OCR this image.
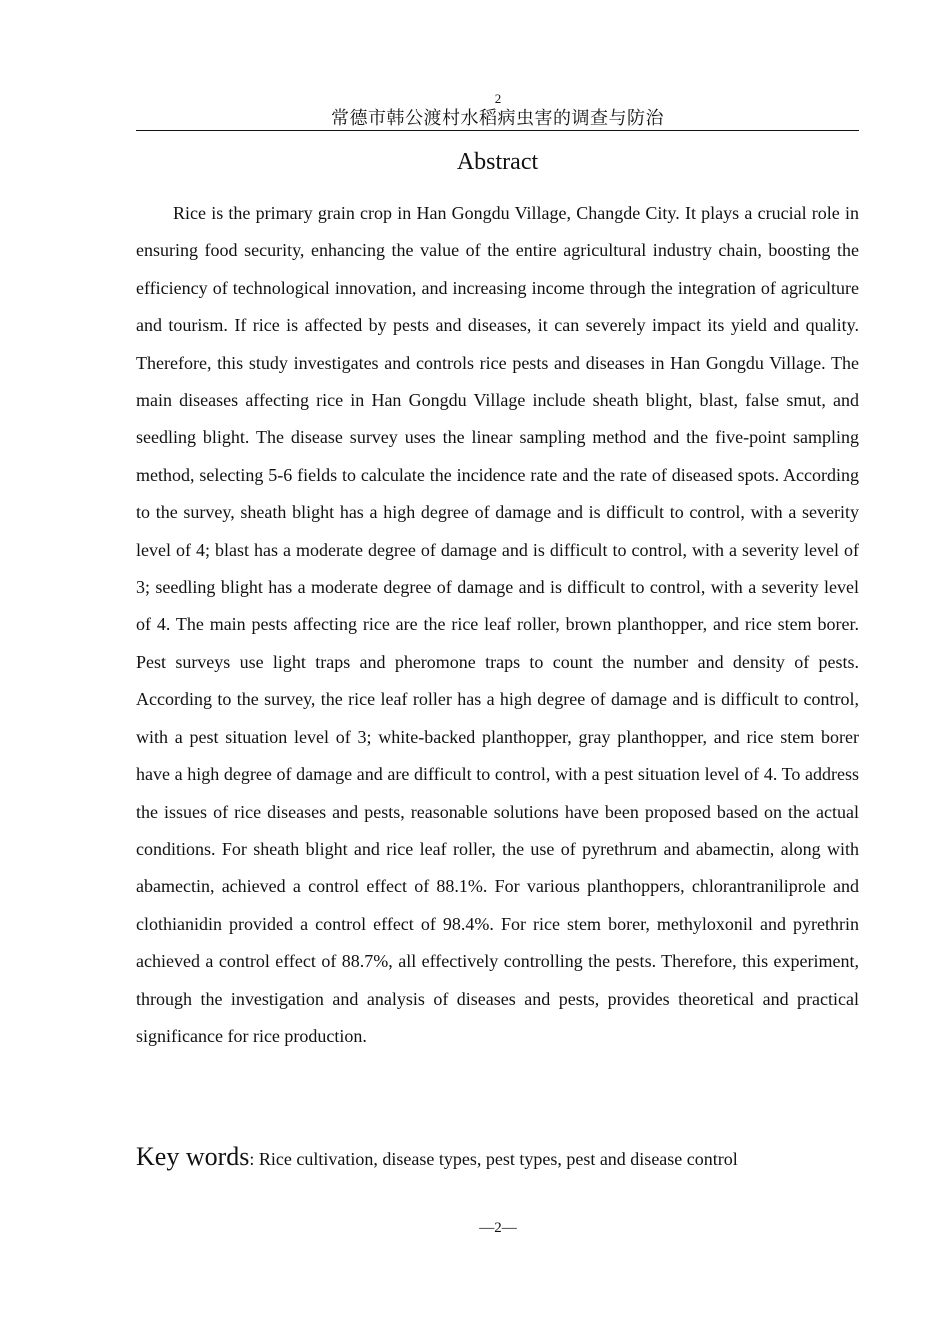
2
常德市韩公渡村水稻病虫害的调查与防治
Abstract

Rice is the primary grain crop in Han Gongdu Village, Changde City. It plays a crucial role in ensuring food security, enhancing the value of the entire agricultural industry chain, boosting the efficiency of technological innovation, and increasing income through the integration of agriculture and tourism. If rice is affected by pests and diseases, it can severely impact its yield and quality. Therefore, this study investigates and controls rice pests and diseases in Han Gongdu Village. The main diseases affecting rice in Han Gongdu Village include sheath blight, blast, false smut, and seedling blight. The disease survey uses the linear sampling method and the five-point sampling method, selecting 5-6 fields to calculate the incidence rate and the rate of diseased spots. According to the survey, sheath blight has a high degree of damage and is difficult to control, with a severity level of 4; blast has a moderate degree of damage and is difficult to control, with a severity level of 3; seedling blight has a moderate degree of damage and is difficult to control, with a severity level of 4. The main pests affecting rice are the rice leaf roller, brown planthopper, and rice stem borer. Pest surveys use light traps and pheromone traps to count the number and density of pests. According to the survey, the rice leaf roller has a high degree of damage and is difficult to control, with a pest situation level of 3; white-backed planthopper, gray planthopper, and rice stem borer have a high degree of damage and are difficult to control, with a pest situation level of 4. To address the issues of rice diseases and pests, reasonable solutions have been proposed based on the actual conditions. For sheath blight and rice leaf roller, the use of pyrethrum and abamectin, along with abamectin, achieved a control effect of 88.1%. For various planthoppers, chlorantraniliprole and clothianidin provided a control effect of 98.4%. For rice stem borer, methyloxonil and pyrethrin achieved a control effect of 88.7%, all effectively controlling the pests. Therefore, this experiment, through the investigation and analysis of diseases and pests, provides theoretical and practical significance for rice production.

Key words: Rice cultivation, disease types, pest types, pest and disease control
—2—
